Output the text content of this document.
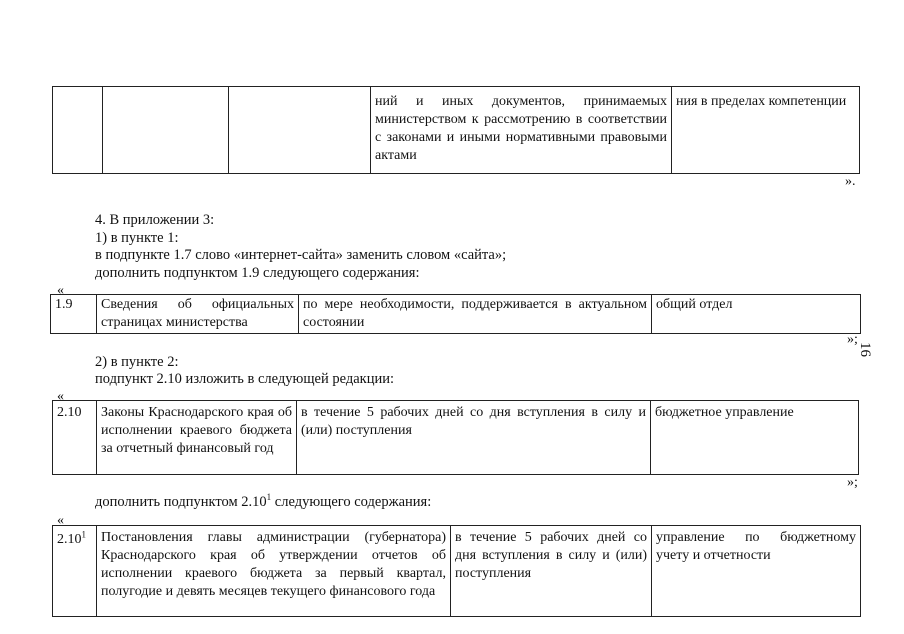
			ний и иных документов, принимаемых министерством к рассмотрению в соответствии с законами и иными нормативными правовыми актами	ния в пределах компетенции
».
4. В приложении 3:
1) в пункте 1:
в подпункте 1.7 слово «интернет-сайта» заменить словом «сайта»;
дополнить подпунктом 1.9 следующего содержания:
«
1.9	Сведения об официальных страницах министерства	по мере необходимости, поддерживается в актуальном состоянии	общий отдел
»;
2) в пункте 2:
подпункт 2.10 изложить в следующей редакции:
«
2.10	Законы Краснодарского края об исполнении краевого бюджета за отчетный финансовый год	в течение 5 рабочих дней со дня вступления в силу и (или) поступления	бюджетное управление
»;
дополнить подпунктом 2.10$^1$ следующего содержания:
«
2.10$^1$	Постановления главы администрации (губернатора) Краснодарского края об утверждении отчетов об исполнении краевого бюджета за первый квартал, полугодие и девять месяцев текущего финансового года	в течение 5 рабочих дней со дня вступления в силу и (или) поступления	управление по бюджетному учету и отчетности
16
